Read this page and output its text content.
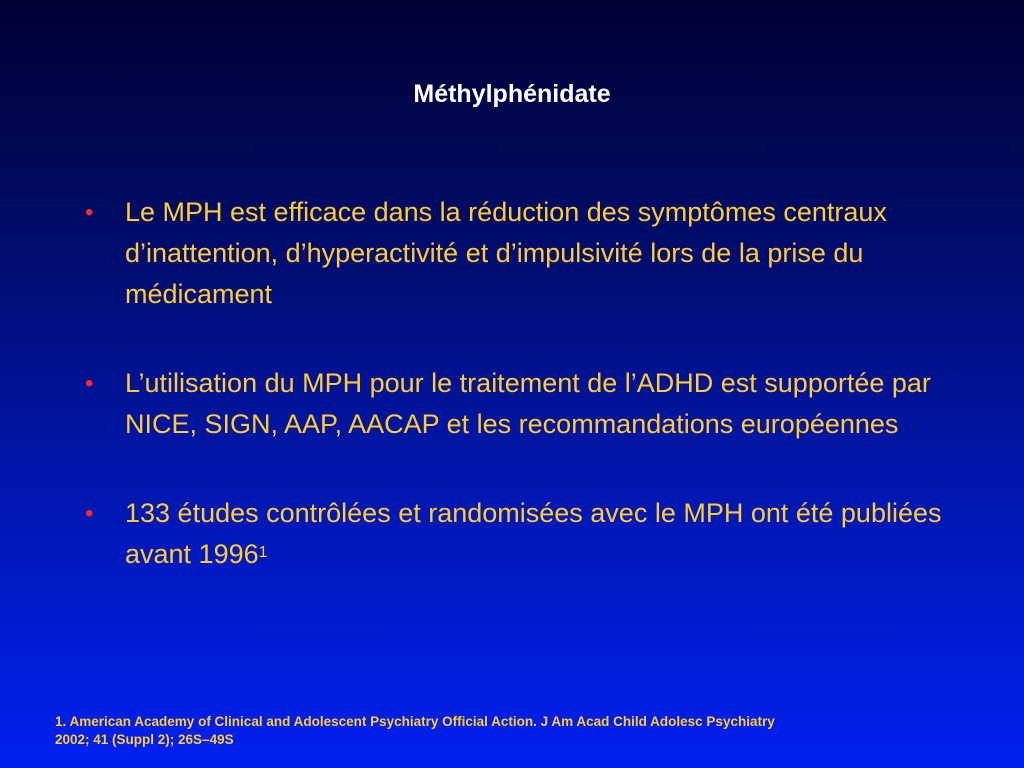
Méthylphénidate
• Le MPH est efficace dans la réduction des symptômes centraux d’inattention, d’hyperactivité et d’impulsivité lors de la prise du médicament
• L’utilisation du MPH pour le traitement de l’ADHD est supportée par NICE, SIGN, AAP, AACAP et les recommandations européennes
• 133 études contrôlées et randomisées avec le MPH ont été publiées avant 1996$^1$
1. American Academy of Clinical and Adolescent Psychiatry Official Action. J Am Acad Child Adolesc Psychiatry
2002; 41 (Suppl 2); 26S–49S
